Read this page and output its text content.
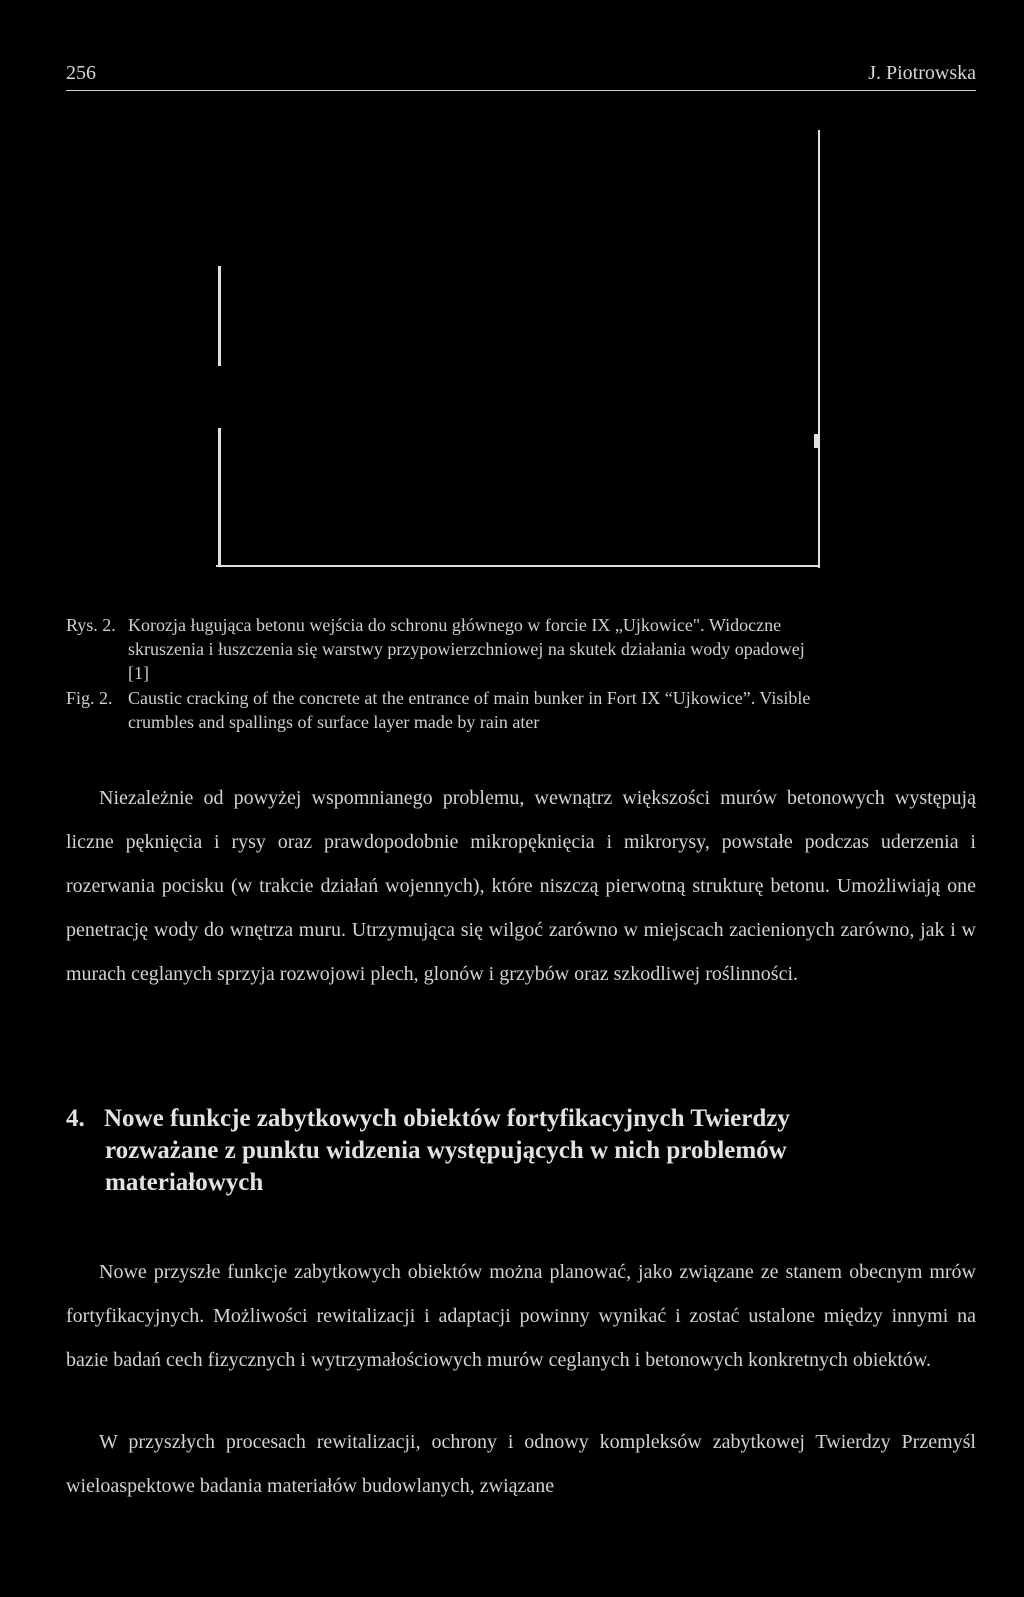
256	J. Piotrowska
Rys. 2. Korozja ługująca betonu wejścia do schronu głównego w forcie IX „Ujkowice". Widoczne
skruszenia i łuszczenia się warstwy przypowierzchniowej na skutek działania wody opadowej
[1]
Fig. 2. Caustic cracking of the concrete at the entrance of main bunker in Fort IX “Ujkowice”. Visible
crumbles and spallings of surface layer made by rain ater

Niezależnie od powyżej wspomnianego problemu, wewnątrz większości murów betonowych występują liczne pęknięcia i rysy oraz prawdopodobnie mikropęknięcia i mikrorysy, powstałe podczas uderzenia i rozerwania pocisku (w trakcie działań wojennych), które niszczą pierwotną strukturę betonu. Umożliwiają one penetrację wody do wnętrza muru. Utrzymująca się wilgoć zarówno w miejscach zacienionych zarówno, jak i w murach ceglanych sprzyja rozwojowi plech, glonów i grzybów oraz szkodliwej roślinności.

4. Nowe funkcje zabytkowych obiektów fortyfikacyjnych Twierdzy
rozważane z punktu widzenia występujących w nich problemów
materiałowych

Nowe przyszłe funkcje zabytkowych obiektów można planować, jako związane ze stanem obecnym mrów fortyfikacyjnych. Możliwości rewitalizacji i adaptacji powinny wynikać i zostać ustalone między innymi na bazie badań cech fizycznych i wytrzymałościowych murów ceglanych i betonowych konkretnych obiektów.

W przyszłych procesach rewitalizacji, ochrony i odnowy kompleksów zabytkowej Twierdzy Przemyśl wieloaspektowe badania materiałów budowlanych, związane
